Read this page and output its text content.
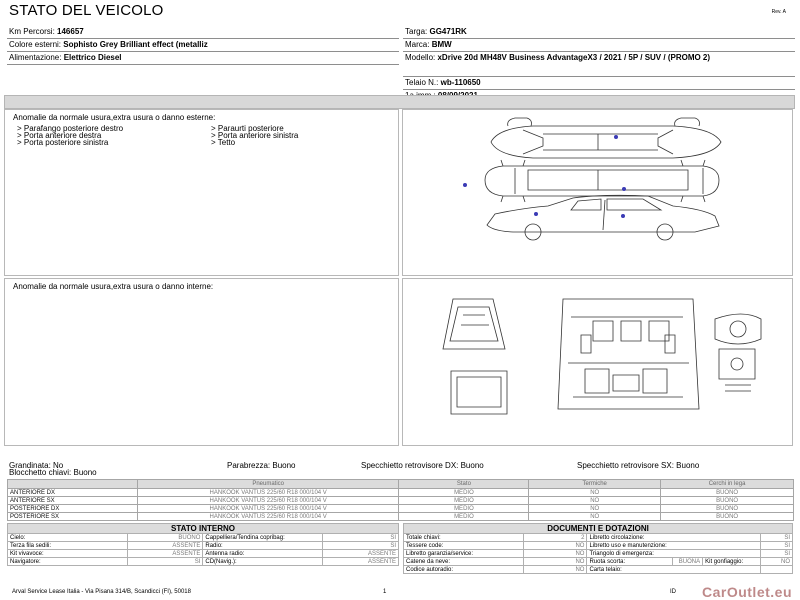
STATO DEL VEICOLO	Rev. A
Km Percorsi: 146657
Colore esterni: Sophisto Grey Brilliant effect (metalliz
Alimentazione: Elettrico Diesel
Targa: GG471RK
Marca: BMW
Modello: xDrive 20d MH48V Business AdvantageX3 / 2021 / 5P / SUV / (PROMO 2)
Telaio N.: wb-110650
Anomalie da normale usura,extra usura o danno esterne:
> Parafango posteriore destro
> Porta anteriore destra
> Porta posteriore sinistra
> Paraurti posteriore
> Porta anteriore sinistra
> Tetto
Anomalie da normale usura,extra usura o danno interne:
Grandinata: No	Parabrezza: Buono	Specchietto retrovisore DX: Buono	Specchietto retrovisore SX: Buono
Blocchetto chiavi: Buono
	Pneumatico	Stato	Termiche	Cerchi in lega
ANTERIORE DX	HANKOOK VANTUS 225/60 R18 000/104 V	MEDIO	NO	BUONO
ANTERIORE SX	HANKOOK VANTUS 225/60 R18 000/104 V	MEDIO	NO	BUONO
POSTERIORE DX	HANKOOK VANTUS 225/60 R18 000/104 V	MEDIO	NO	BUONO
POSTERIORE SX	HANKOOK VANTUS 225/60 R18 000/104 V	MEDIO	NO	BUONO
STATO INTERNO			
Cielo:	BUONO	Cappelliera/Tendina copribag:	SI
Terza fila sedili:	ASSENTE	Radio:	SI
Kit vivavoce:	ASSENTE	Antenna radio:	ASSENTE
Navigatore:	SI	CD(Navig.):	ASSENTE
DOCUMENTI E DOTAZIONI					
Totale chiavi:	2	Libretto circolazione:			SI
Tessere code:	NO	Libretto uso e manutenzione:			SI
Libretto garanzia/service:	NO	Triangolo di emergenza:			SI
Catene da neve:	NO	Ruota scorta:	BUONA	Kit gonfiaggio:	NO
Codice autoradio:	NO	Carta telaio:			
Arval Service Lease Italia - Via Pisana 314/B, Scandicci (FI), 50018	1	ID CarOutlet.eu
